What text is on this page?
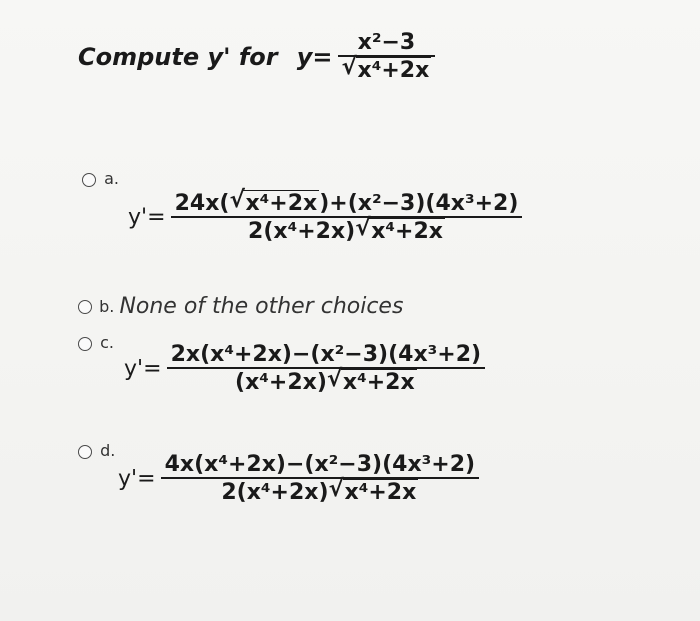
Compute y' for $y= \frac{\text{x²−3}}{\text{√ x⁴+2x}}$
a.
$y'= \frac{\text{24x( √ x⁴+2x)+(x²−3)(4x³+2)}}{\text{2(x⁴+2x) √ x⁴+2x}}$
b. None of the other choices
c.
$y'= \frac{\text{2x(x⁴+2x)−(x²−3)(4x³+2)}}{\text{(x⁴+2x) √ x⁴+2x}}$
d.
$y'= \frac{\text{4x(x⁴+2x)−(x²−3)(4x³+2)}}{\text{2(x⁴+2x) √ x⁴+2x}}$
